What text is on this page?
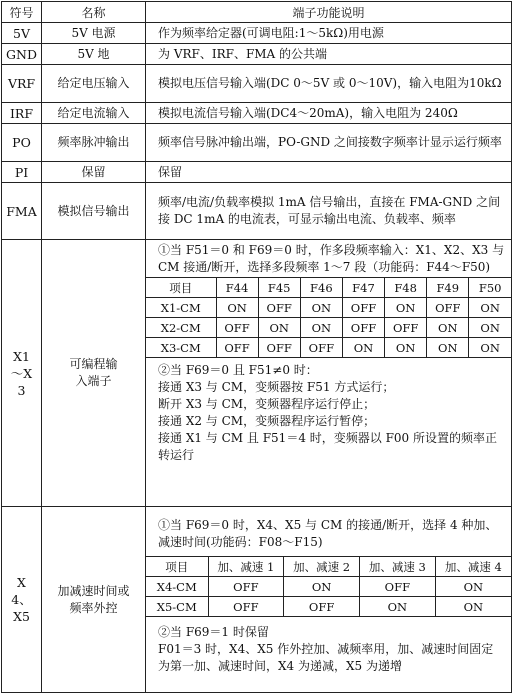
符号	名称	端子功能说明
5V	5V 电源	作为频率给定器(可调电阻:1～5kΩ)用电源
GND	5V 地	为 VRF、IRF、FMA 的公共端
VRF	给定电压输入	模拟电压信号输入端(DC 0～5V 或 0～10V)，输入电阻为10kΩ
IRF	给定电流输入	模拟电流信号输入端(DC4～20mA)，输入电阻为 240Ω
PO	频率脉冲输出	频率信号脉冲输出端，PO-GND 之间接数字频率计显示运行频率
PI	保留	保留
FMA	模拟信号输出	频率/电流/负载率模拟 1mA 信号输出，直接在 FMA-GND 之间接 DC 1mA 的电流表，可显示输出电流、负载率、频率
X1～X3	可编程输入端子	

①当 F51＝0 和 F69＝0 时，作多段频率输入：X1、X2、X3 与 CM 接通/断开，选择多段频率 1～7 段（功能码：F44～F50)

项目	F44	F45	F46	F47	F48	F49	F50
X1-CM	ON	OFF	ON	OFF	ON	OFF	ON
X2-CM	OFF	ON	ON	OFF	OFF	ON	ON
X3-CM	OFF	OFF	OFF	ON	ON	ON	ON

②当 F69＝0 且 F51≠0 时：

接通 X3 与 CM，变频器按 F51 方式运行；

断开 X3 与 CM，变频器程序运行停止；

接通 X2 与 CM，变频器程序运行暂停；

接通 X1 与 CM 且 F51＝4 时，变频器以 F00 所设置的频率正转运行

X4、X5	加减速时间或频率外控	

①当 F69＝0 时，X4、X5 与 CM 的接通/断开，选择 4 种加、减速时间(功能码：F08～F15)

项目	加、减速 1	加、减速 2	加、减速 3	加、减速 4
X4-CM	OFF	ON	OFF	ON
X5-CM	OFF	OFF	ON	ON

②当 F69＝1 时保留

F01＝3 时，X4、X5 作外控加、减频率用，加、减速时间固定为第一加、减速时间，X4 为递减，X5 为递增
